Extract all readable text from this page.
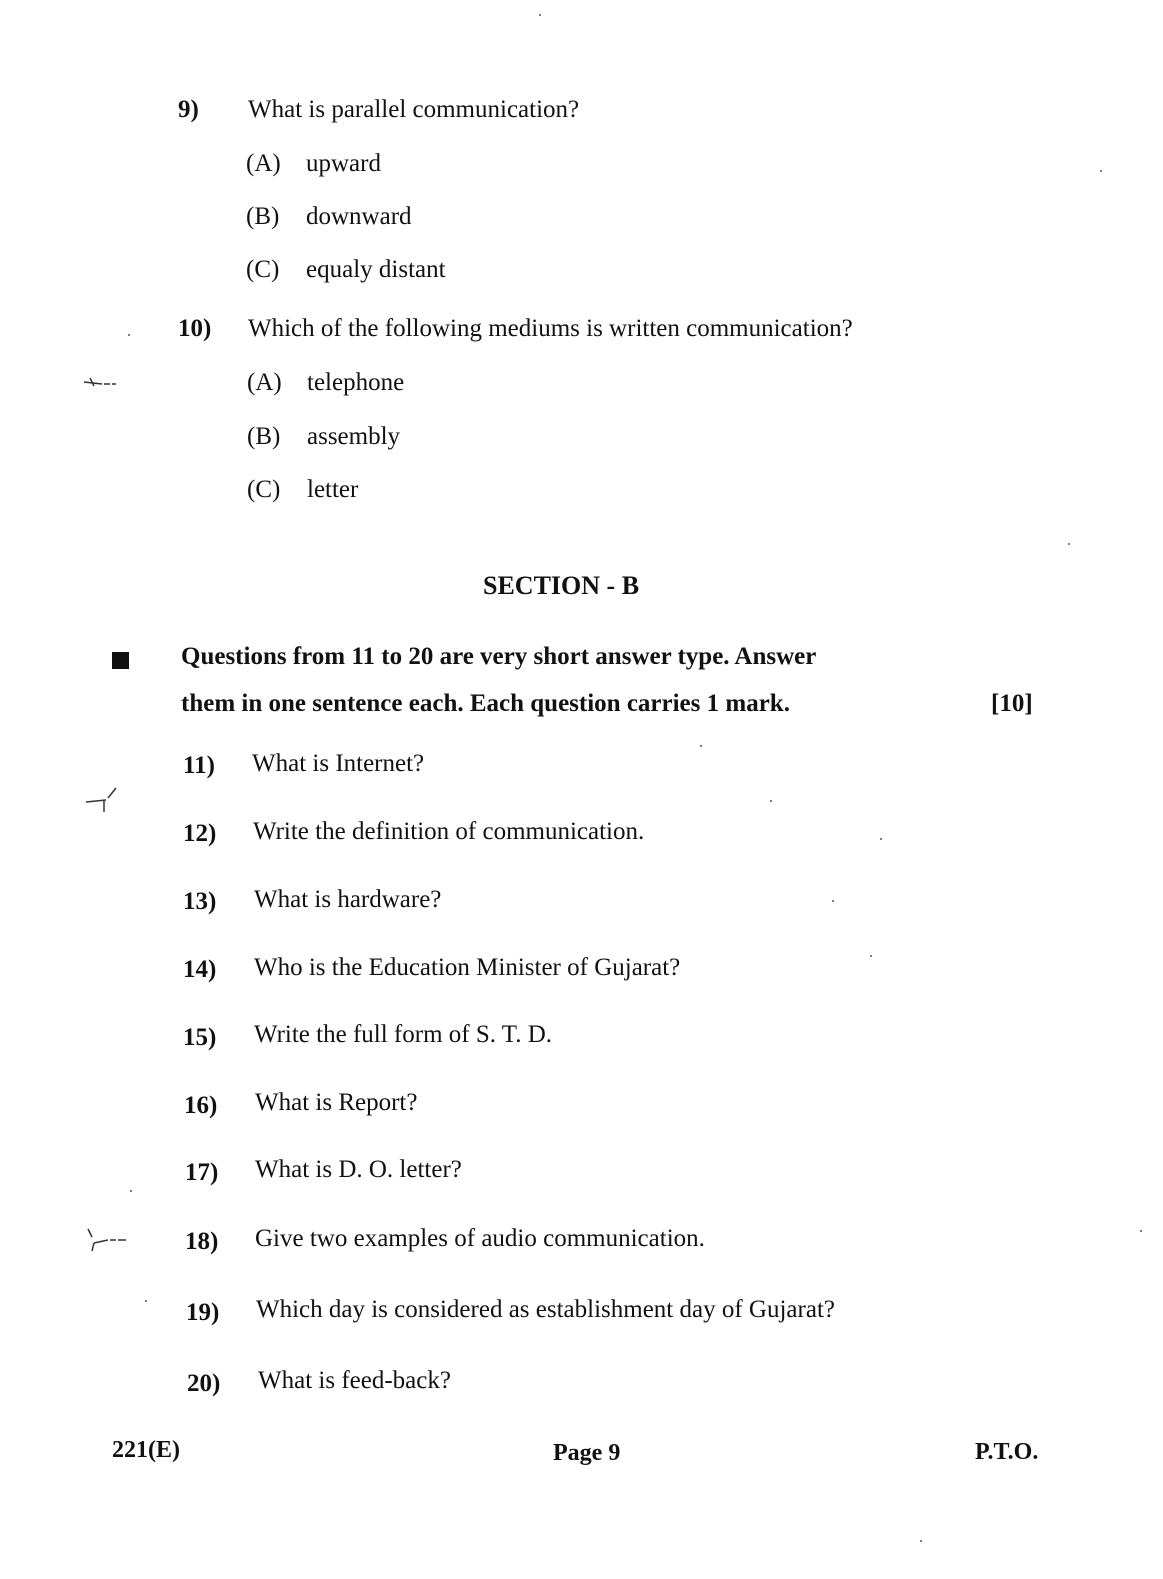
9) What is parallel communication?
(A) upward
(B) downward
(C) equaly distant
10) Which of the following mediums is written communication?
(A) telephone
(B) assembly
(C) letter
SECTION - B
Questions from 11 to 20 are very short answer type. Answer
them in one sentence each. Each question carries 1 mark.	[10]
11) What is Internet?
12) Write the definition of communication.
13) What is hardware?
14) Who is the Education Minister of Gujarat?
15) Write the full form of S. T. D.
16) What is Report?
17) What is D. O. letter?
18) Give two examples of audio communication.
19) Which day is considered as establishment day of Gujarat?
20) What is feed-back?
221(E)	Page 9	P.T.O.
